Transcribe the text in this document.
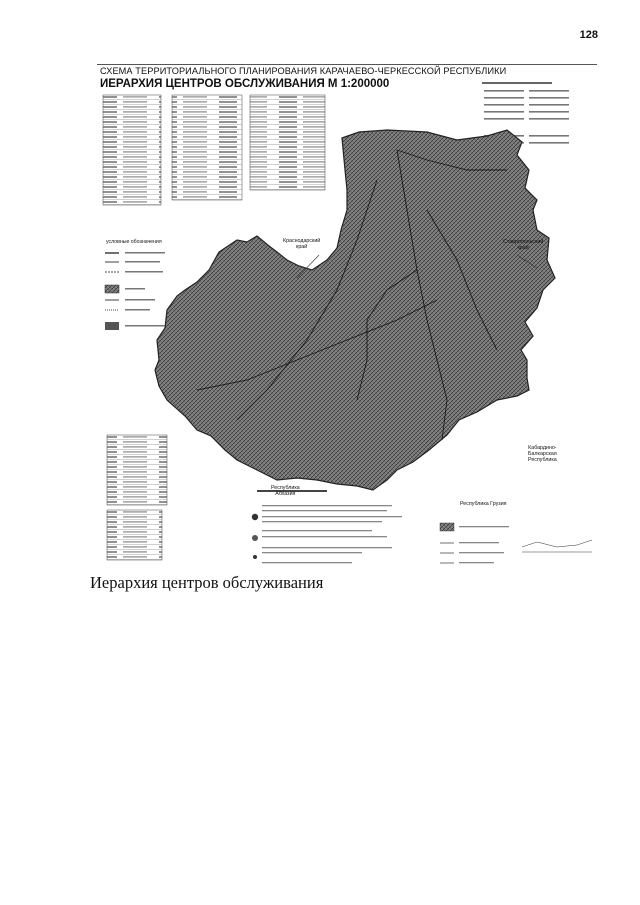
128
СХЕМА ТЕРРИТОРИАЛЬНОГО ПЛАНИРОВАНИЯ КАРАЧАЕВО-ЧЕРКЕССКОЙ РЕСПУБЛИКИ
ИЕРАРХИЯ ЦЕНТРОВ ОБСЛУЖИВАНИЯ М 1:200000
условные обозначения	Краснодарский
край
Ставропольский
край
Кабардино-
Балкарская
Республика
Республика
Абхазия
Республика Грузия
Иерархия центров обслуживания
